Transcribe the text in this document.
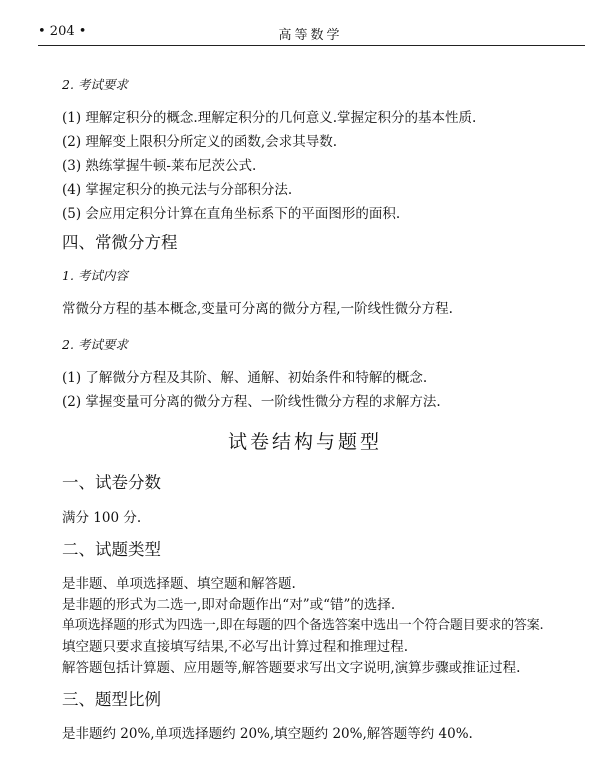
• 204 •	高等数学
2. 考试要求
(1) 理解定积分的概念.理解定积分的几何意义.掌握定积分的基本性质.
(2) 理解变上限积分所定义的函数,会求其导数.
(3) 熟练掌握牛顿-莱布尼茨公式.
(4) 掌握定积分的换元法与分部积分法.
(5) 会应用定积分计算在直角坐标系下的平面图形的面积.
四、常微分方程
1. 考试内容
常微分方程的基本概念,变量可分离的微分方程,一阶线性微分方程.
2. 考试要求
(1) 了解微分方程及其阶、解、通解、初始条件和特解的概念.
(2) 掌握变量可分离的微分方程、一阶线性微分方程的求解方法.
试卷结构与题型
一、试卷分数
满分 100 分.
二、试题类型
是非题、单项选择题、填空题和解答题.
是非题的形式为二选一,即对命题作出“对”或“错”的选择.
单项选择题的形式为四选一,即在每题的四个备选答案中选出一个符合题目要求的答案.
填空题只要求直接填写结果,不必写出计算过程和推理过程.
解答题包括计算题、应用题等,解答题要求写出文字说明,演算步骤或推证过程.
三、题型比例
是非题约 20%,单项选择题约 20%,填空题约 20%,解答题等约 40%.
